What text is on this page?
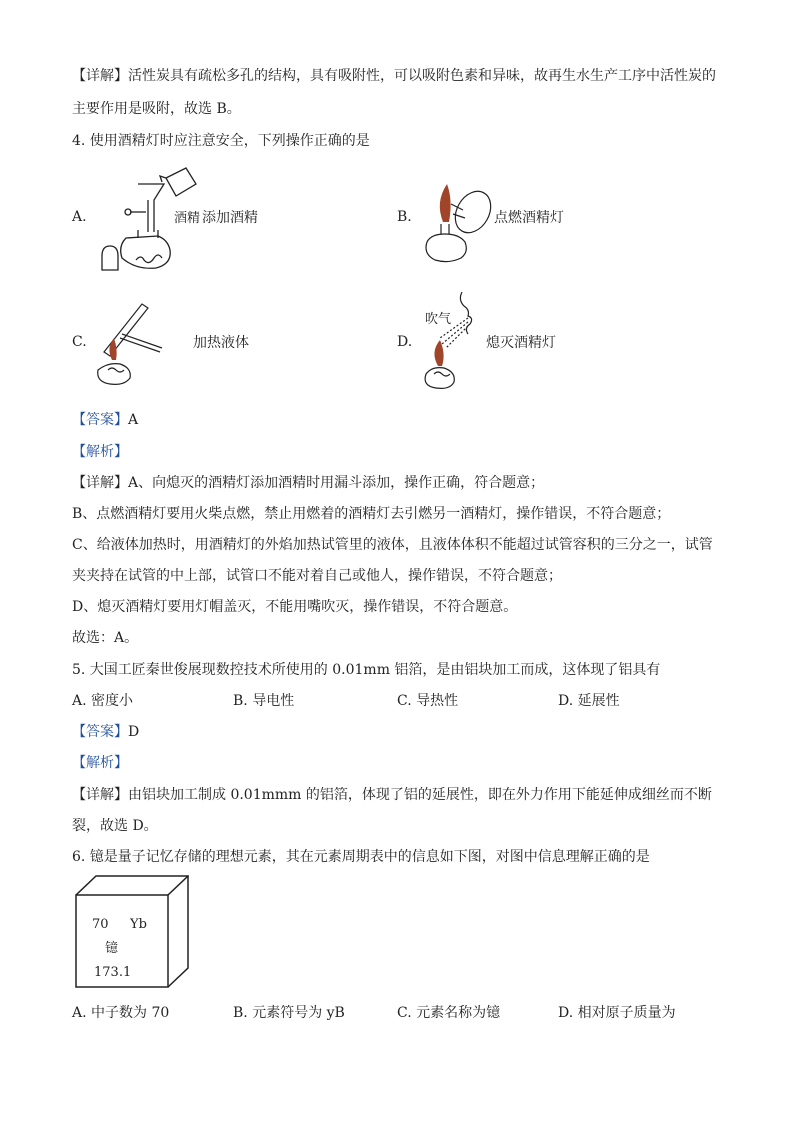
【详解】活性炭具有疏松多孔的结构，具有吸附性，可以吸附色素和异味，故再生水生产工序中活性炭的
主要作用是吸附，故选 B。
4. 使用酒精灯时应注意安全，下列操作正确的是
A.	酒精 添加酒精	B.	点燃酒精灯
C.	加热液体	D.
吹气
熄灭酒精灯
【答案】A
【解析】
【详解】A、向熄灭的酒精灯添加酒精时用漏斗添加，操作正确，符合题意；
B、点燃酒精灯要用火柴点燃，禁止用燃着的酒精灯去引燃另一酒精灯，操作错误，不符合题意；
C、给液体加热时，用酒精灯的外焰加热试管里的液体，且液体体积不能超过试管容积的三分之一，试管
夹夹持在试管的中上部，试管口不能对着自己或他人，操作错误，不符合题意；
D、熄灭酒精灯要用灯帽盖灭，不能用嘴吹灭，操作错误，不符合题意。
故选：A。
5. 大国工匠秦世俊展现数控技术所使用的 0.01mm 铝箔，是由铝块加工而成，这体现了铝具有
A. 密度小	B. 导电性	C. 导热性	D. 延展性
【答案】D
【解析】
【详解】由铝块加工制成 0.01mmm 的铝箔，体现了铝的延展性，即在外力作用下能延伸成细丝而不断
裂，故选 D。
6. 镱是量子记忆存储的理想元素，其在元素周期表中的信息如下图，对图中信息理解正确的是
70 Yb
镱
173.1
A. 中子数为 70	B. 元素符号为 yB	C. 元素名称为镱	D. 相对原子质量为
